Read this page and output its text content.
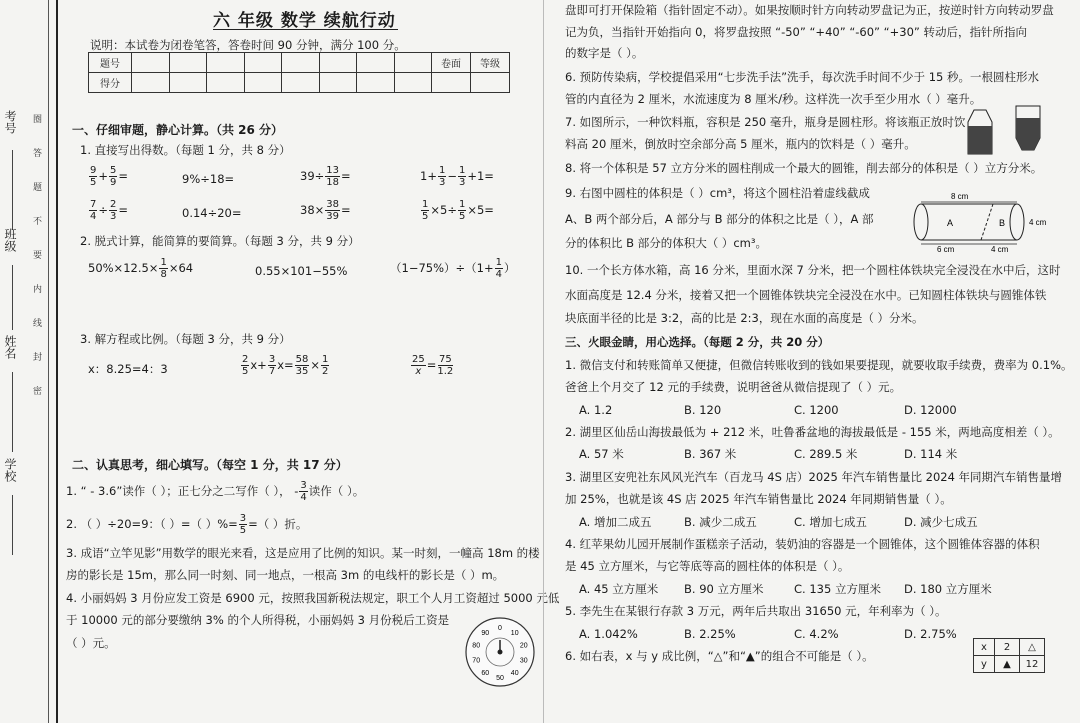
考号
班级
姓名
学校
圈
答
题
不
要
内
线
封
密
六 年级 数学 续航行动
说明：本试卷为闭卷笔答，答卷时间 90 分钟，满分 100 分。
题号									卷面	等级
得分										
一、仔细审题，静心计算。（共 26 分）
1. 直接写出得数。（每题 1 分，共 8 分）
$\frac{9}{5} + \frac{5}{9}$ =	9%÷18=	$39\div \frac{13}{18}$ =	$1+ \frac{1}{3} - \frac{1}{3} +1=$
$\frac{7}{4} \div \frac{2}{3}$ =	0.14÷20=	$38\times \frac{38}{39}$ =	$\frac{1}{5} \times 5\div \frac{1}{5} \times 5=$
2. 脱式计算，能简算的要简算。（每题 3 分，共 9 分）
$50\%\times 12.5\times \frac{1}{8} \times 64$	0.55×101−55%	$(1-75\%)\div(1+ \frac{1}{4}$ ）
3. 解方程或比例。（每题 3 分，共 9 分）
x：8.25=4：3	$\frac{2}{5} x+ \frac{3}{7} x= \frac{58}{35} \times \frac{1}{2}$	$\frac{25}{x} = \frac{75}{1.2}$
二、认真思考，细心填写。（每空 1 分，共 17 分）
1. “ - 3.6”读作（ ）；正七分之二写作（ ）， - $\frac{3}{4}$ 读作（ ）。
2. （ ）÷20=9：（ ）=（ ）%= $\frac{3}{5}$ =（ ）折。
3. 成语“立竿见影”用数学的眼光来看，这是应用了比例的知识。某一时刻，一幢高 18m 的楼
房的影长是 15m，那么同一时刻、同一地点，一根高 3m 的电线杆的影长是（ ）m。
4. 小丽妈妈 3 月份应发工资是 6900 元，按照我国新税法规定，职工个人月工资超过 5000 元低
于 10000 元的部分要缴纳 3% 的个人所得税，小丽妈妈 3 月份税后工资是
（ ）元。
0
10
20
30
40
50
60
70
80
90
盘即可打开保险箱（指针固定不动）。如果按顺时针方向转动罗盘记为正，按逆时针方向转动罗盘
记为负，当指针开始指向 0，将罗盘按照 “-50” “+40” “-60” “+30” 转动后，指针所指向
的数字是（ ）。
6. 预防传染病，学校提倡采用“七步洗手法”洗手，每次洗手时间不少于 15 秒。一根圆柱形水
管的内直径为 2 厘米，水流速度为 8 厘米/秒。这样洗一次手至少用水（ ）毫升。
7. 如图所示，一种饮料瓶，容积是 250 毫升，瓶身是圆柱形。将该瓶正放时饮
料高 20 厘米，倒放时空余部分高 5 厘米，瓶内的饮料是（ ）毫升。
8. 将一个体积是 57 立方分米的圆柱削成一个最大的圆锥，削去部分的体积是（ ）立方分米。
9. 右图中圆柱的体积是（ ）cm³，将这个圆柱沿着虚线截成
A、B 两个部分后，A 部分与 B 部分的体积之比是（ ），A 部
分的体积比 B 部分的体积大（ ）cm³。
8 cm
A	B	4 cm
6 cm	4 cm
10. 一个长方体水箱，高 16 分米，里面水深 7 分米，把一个圆柱体铁块完全浸没在水中后，这时
水面高度是 12.4 分米，接着又把一个圆锥体铁块完全浸没在水中。已知圆柱体铁块与圆锥体铁
块底面半径的比是 3:2，高的比是 2:3，现在水面的高度是（ ）分米。
三、火眼金睛，用心选择。（每题 2 分，共 20 分）
1. 微信支付和转账简单又便捷，但微信转账收到的钱如果要提现，就要收取手续费，费率为 0.1%。
爸爸上个月交了 12 元的手续费，说明爸爸从微信提现了（ ）元。
A. 1.2	B. 120	C. 1200	D. 12000
2. 湖里区仙岳山海拔最低为 + 212 米，吐鲁番盆地的海拔最低是 - 155 米，两地高度相差（ ）。
A. 57 米	B. 367 米	C. 289.5 米	D. 114 米
3. 湖里区安兜社东风风光汽车（百龙马 4S 店）2025 年汽车销售量比 2024 年同期汽车销售量增
加 25%，也就是该 4S 店 2025 年汽车销售量比 2024 年同期销售量（ ）。
A. 增加二成五	B. 减少二成五	C. 增加七成五	D. 减少七成五
4. 红苹果幼儿园开展制作蛋糕亲子活动，装奶油的容器是一个圆锥体，这个圆锥体容器的体积
是 45 立方厘米，与它等底等高的圆柱体的体积是（ ）。
A. 45 立方厘米 B. 90 立方厘米	C. 135 立方厘米 D. 180 立方厘米
5. 李先生在某银行存款 3 万元，两年后共取出 31650 元，年利率为（ ）。
A. 1.042%	B. 2.25%	C. 4.2%	D. 2.75%
6. 如右表，x 与 y 成比例，“△”和“▲”的组合不可能是（ ）。
x	2	△
y	▲	12
